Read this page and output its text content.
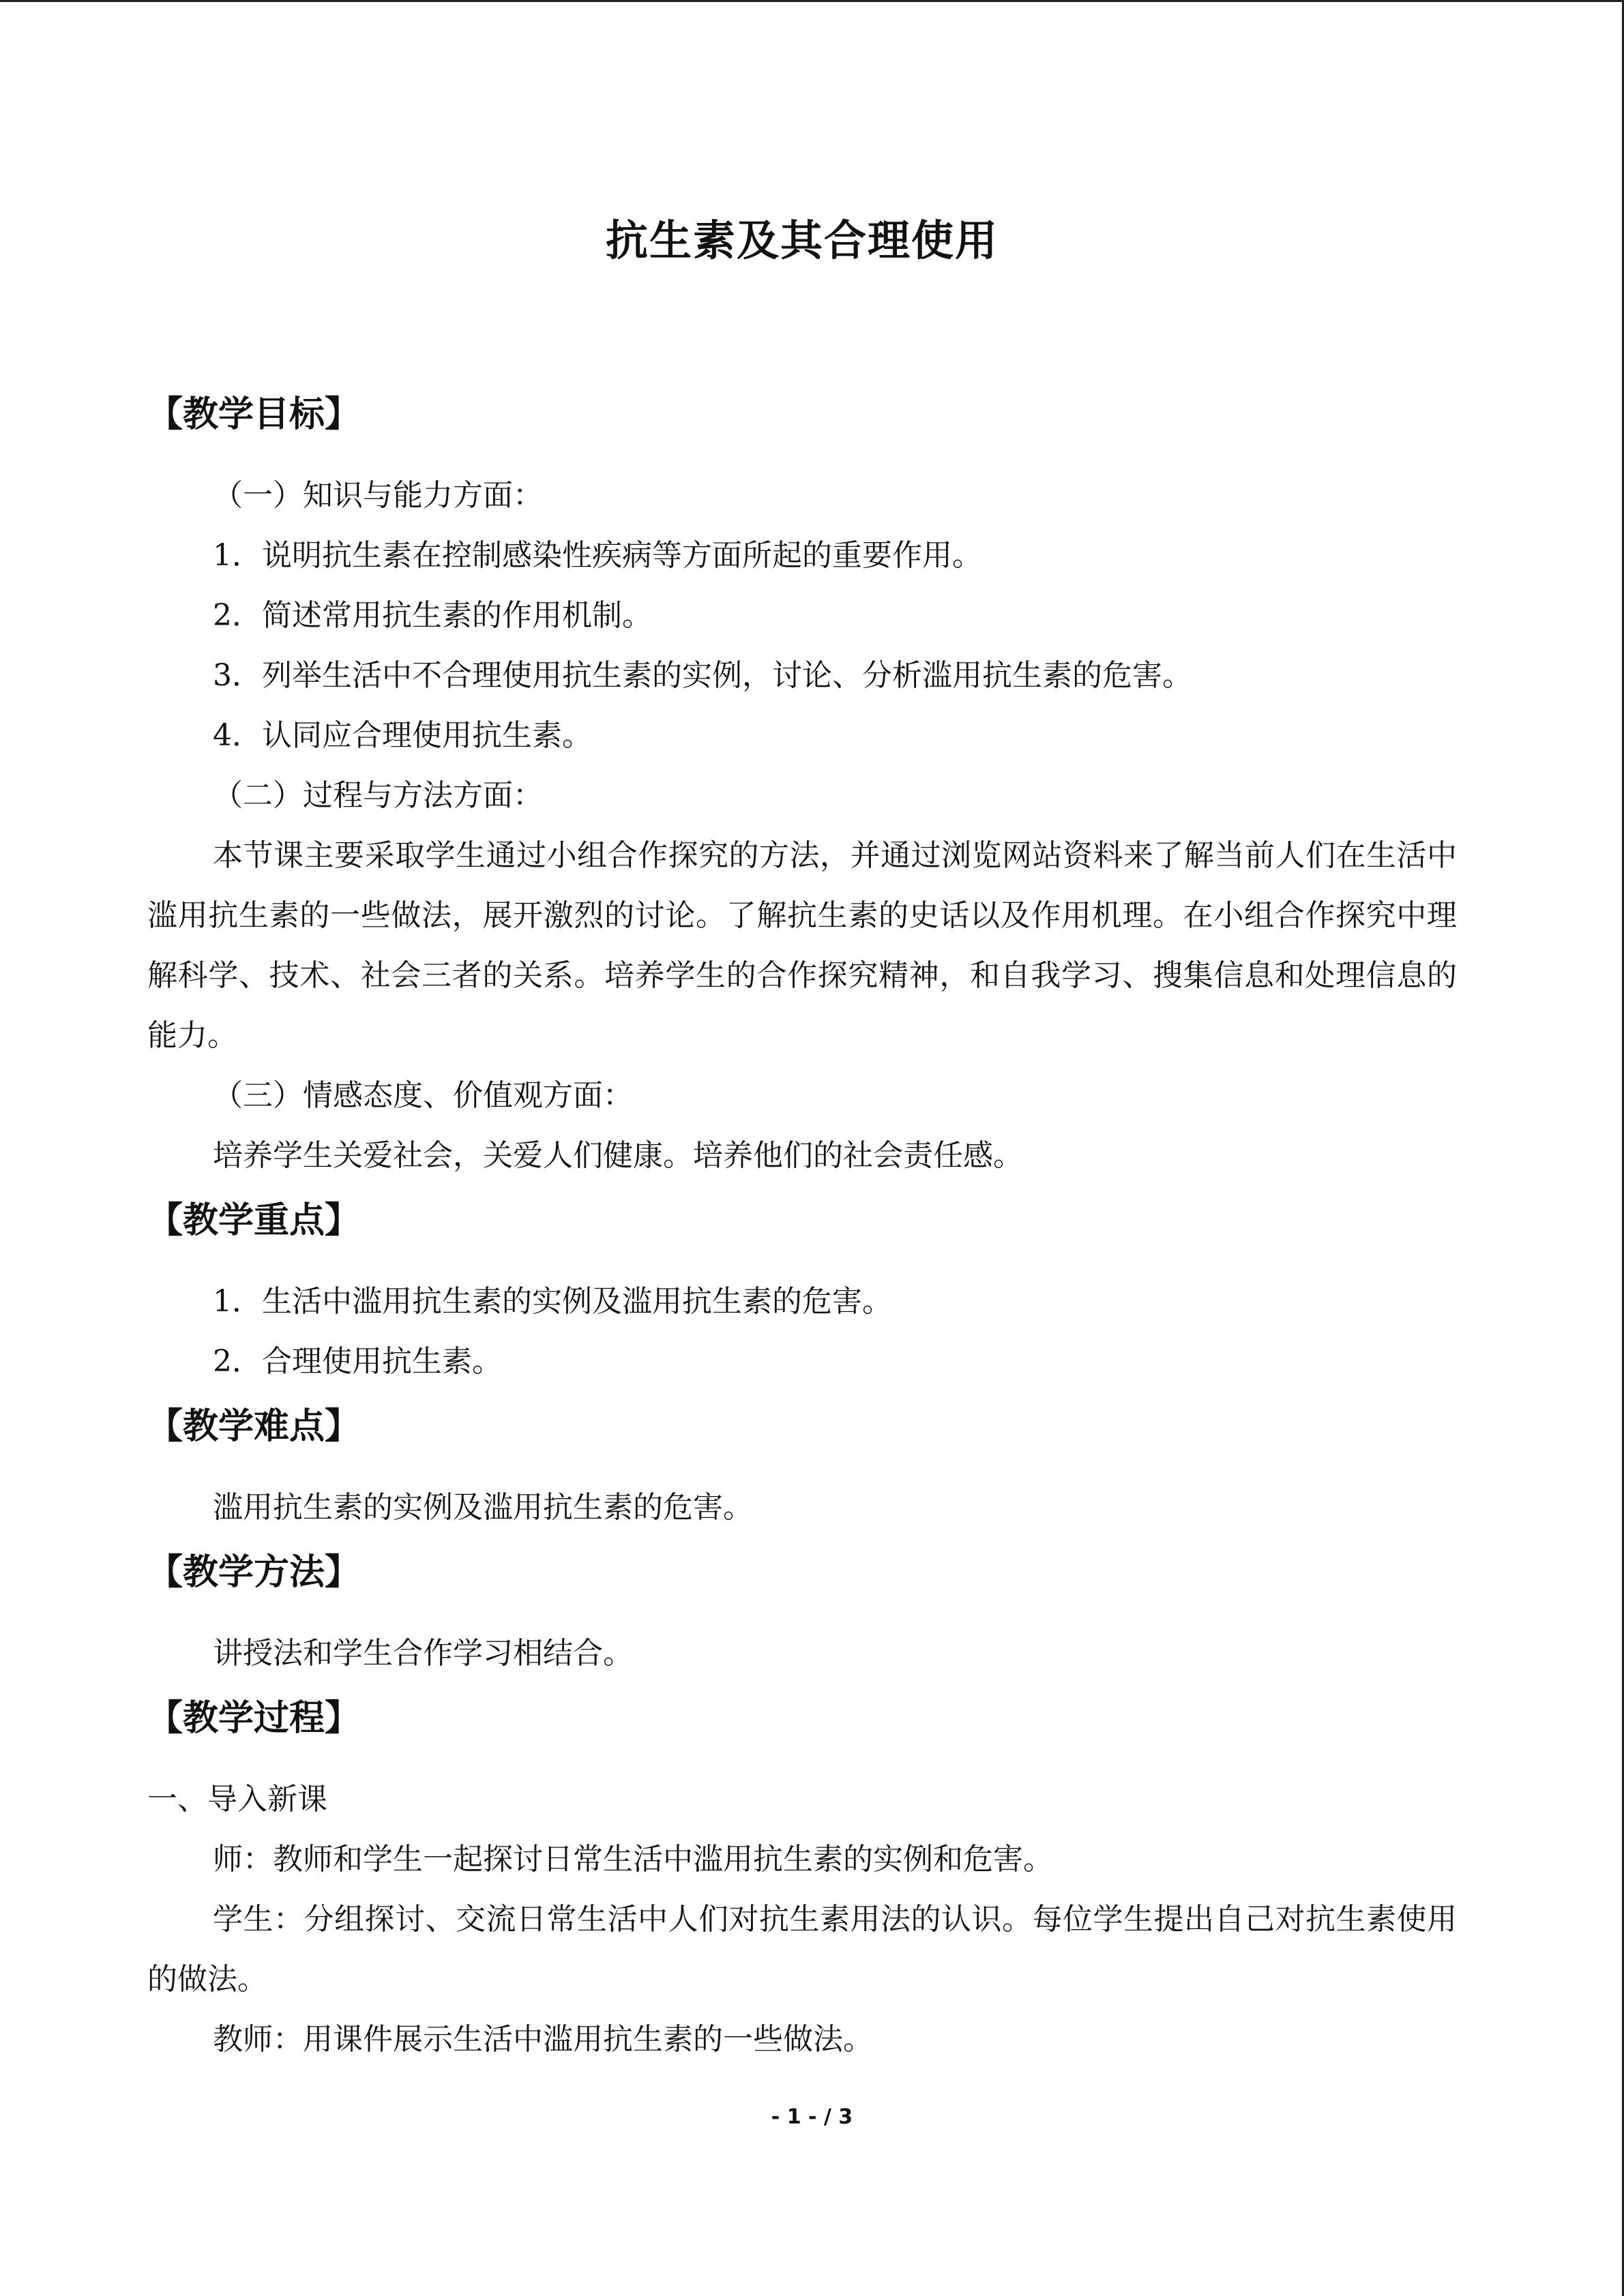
抗生素及其合理使用
【教学目标】
（一）知识与能力方面：
1．说明抗生素在控制感染性疾病等方面所起的重要作用。
2．简述常用抗生素的作用机制。
3．列举生活中不合理使用抗生素的实例，讨论、分析滥用抗生素的危害。
4．认同应合理使用抗生素。
（二）过程与方法方面：
本节课主要采取学生通过小组合作探究的方法，并通过浏览网站资料来了解当前人们在生活中滥用抗生素的一些做法，展开激烈的讨论。了解抗生素的史话以及作用机理。在小组合作探究中理解科学、技术、社会三者的关系。培养学生的合作探究精神，和自我学习、搜集信息和处理信息的能力。
（三）情感态度、价值观方面：
培养学生关爱社会，关爱人们健康。培养他们的社会责任感。
【教学重点】
1．生活中滥用抗生素的实例及滥用抗生素的危害。
2．合理使用抗生素。
【教学难点】
滥用抗生素的实例及滥用抗生素的危害。
【教学方法】
讲授法和学生合作学习相结合。
【教学过程】
一、导入新课
师：教师和学生一起探讨日常生活中滥用抗生素的实例和危害。
学生：分组探讨、交流日常生活中人们对抗生素用法的认识。每位学生提出自己对抗生素使用的做法。
教师：用课件展示生活中滥用抗生素的一些做法。
- 1 - / 3
